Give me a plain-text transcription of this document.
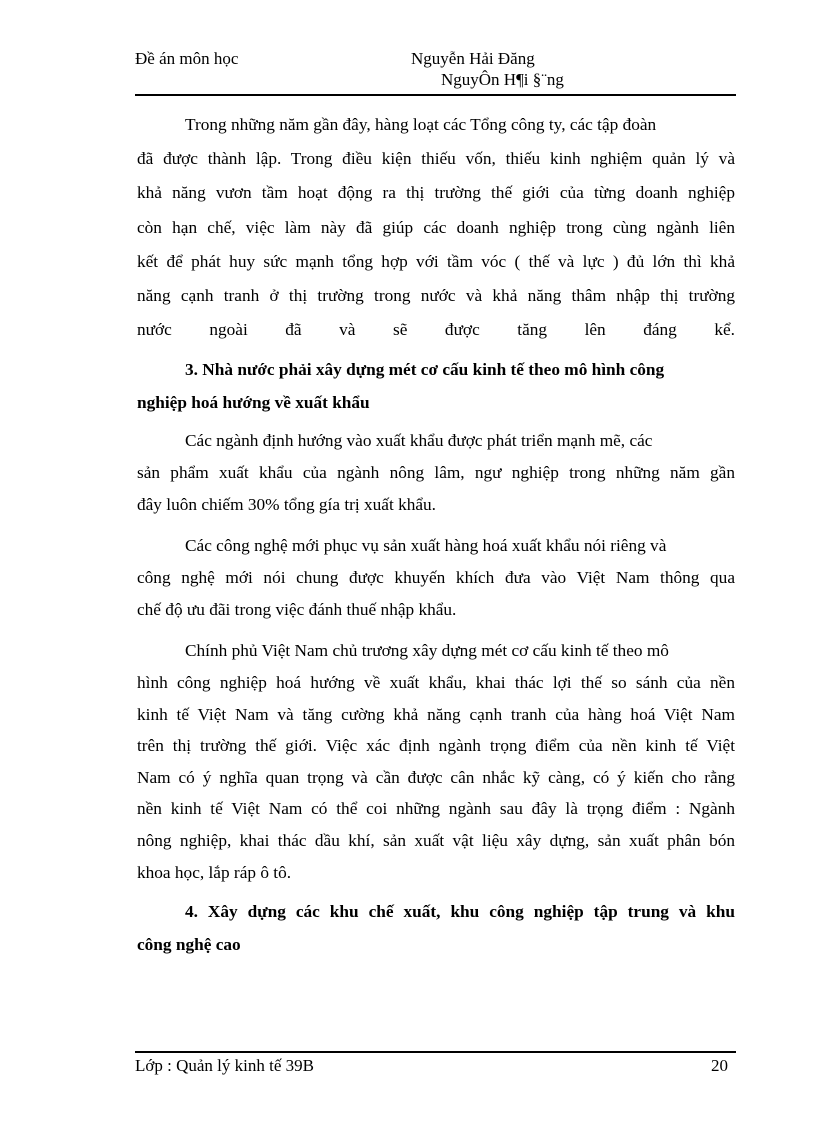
Đề án môn học	Nguyễn Hải Đăng
NguyÔn H¶i §¨ng
Trong những năm gần đây, hàng loạt các Tổng công ty, các tập đoàn
đã được thành lập. Trong điều kiện thiếu vốn, thiếu kinh nghiệm quản lý và
khả năng vươn tầm hoạt động ra thị trường thế giới của từng doanh nghiệp
còn hạn chế, việc làm này đã giúp các doanh nghiệp trong cùng ngành liên
kết để phát huy sức mạnh tổng hợp với tầm vóc ( thế và lực ) đủ lớn thì khả
năng cạnh tranh ở thị trường trong nước và khả năng thâm nhập thị trường
nước ngoài đã và sẽ được tăng lên đáng kể.
3. Nhà nước phải xây dựng mét cơ cấu kinh tế theo mô hình công
nghiệp hoá hướng về xuất khẩu
Các ngành định hướng vào xuất khẩu được phát triển mạnh mẽ, các
sản phẩm xuất khẩu của ngành nông lâm, ngư nghiệp trong những năm gần
đây luôn chiếm 30% tổng gía trị xuất khẩu.
Các công nghệ mới phục vụ sản xuất hàng hoá xuất khẩu nói riêng và
công nghệ mới nói chung được khuyến khích đưa vào Việt Nam thông qua
chế độ ưu đãi trong việc đánh thuế nhập khẩu.
Chính phủ Việt Nam chủ trương xây dựng mét cơ cấu kinh tế theo mô
hình công nghiệp hoá hướng về xuất khẩu, khai thác lợi thế so sánh của nền
kinh tế Việt Nam và tăng cường khả năng cạnh tranh của hàng hoá Việt Nam
trên thị trường thế giới. Việc xác định ngành trọng điểm của nền kinh tế Việt
Nam có ý nghĩa quan trọng và cần được cân nhắc kỹ càng, có ý kiến cho rằng
nền kinh tế Việt Nam có thể coi những ngành sau đây là trọng điểm : Ngành
nông nghiệp, khai thác dầu khí, sản xuất vật liệu xây dựng, sản xuất phân bón
khoa học, lắp ráp ô tô.
4. Xây dựng các khu chế xuất, khu công nghiệp tập trung và khu
công nghệ cao
Lớp : Quản lý kinh tế 39B	20
